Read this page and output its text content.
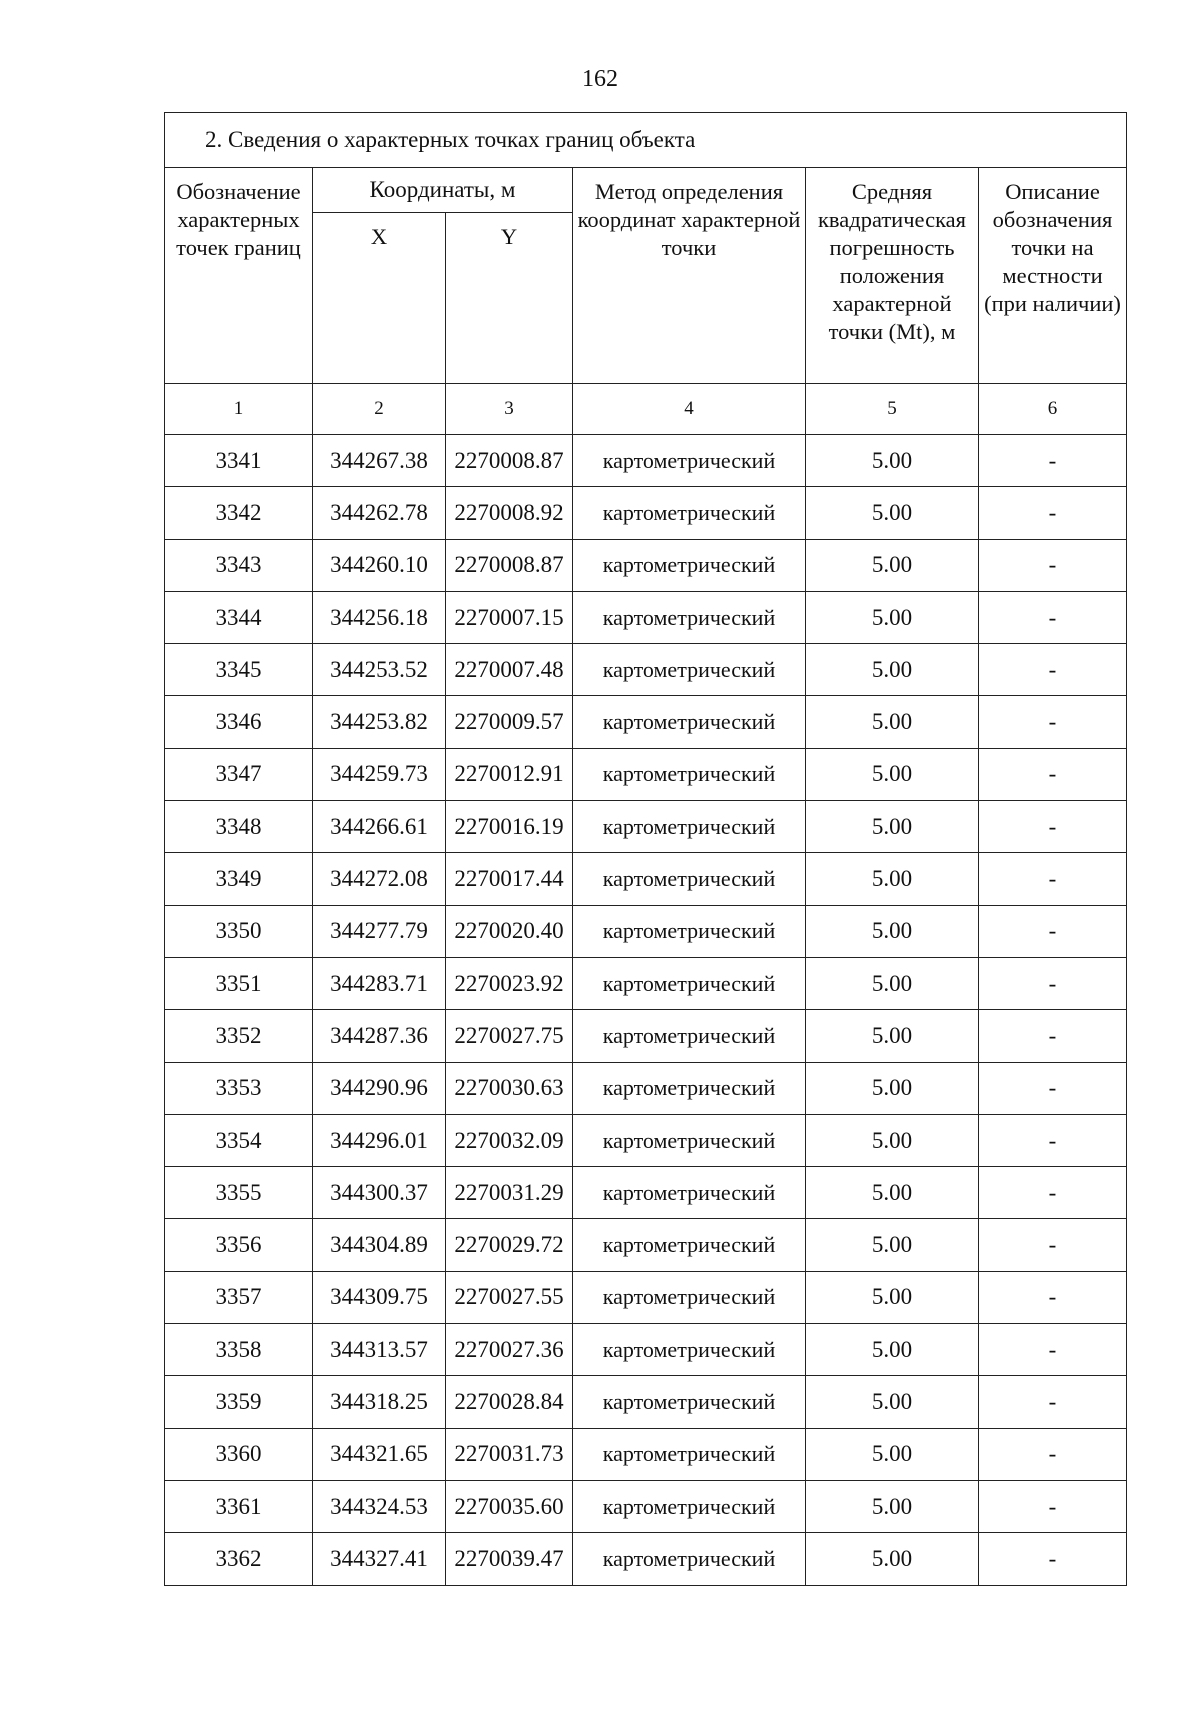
162
2. Сведения о характерных точках границ объекта					
Обозначение характерных точек границ	Координаты, м		Метод определения координат характерной точки	Средняя квадратическая погрешность положения характерной точки (Mt), м	Описание обозначения точки на местности (при наличии)
	X	Y			
1	2	3	4	5	6
3341	344267.38	2270008.87	картометрический	5.00	-
3342	344262.78	2270008.92	картометрический	5.00	-
3343	344260.10	2270008.87	картометрический	5.00	-
3344	344256.18	2270007.15	картометрический	5.00	-
3345	344253.52	2270007.48	картометрический	5.00	-
3346	344253.82	2270009.57	картометрический	5.00	-
3347	344259.73	2270012.91	картометрический	5.00	-
3348	344266.61	2270016.19	картометрический	5.00	-
3349	344272.08	2270017.44	картометрический	5.00	-
3350	344277.79	2270020.40	картометрический	5.00	-
3351	344283.71	2270023.92	картометрический	5.00	-
3352	344287.36	2270027.75	картометрический	5.00	-
3353	344290.96	2270030.63	картометрический	5.00	-
3354	344296.01	2270032.09	картометрический	5.00	-
3355	344300.37	2270031.29	картометрический	5.00	-
3356	344304.89	2270029.72	картометрический	5.00	-
3357	344309.75	2270027.55	картометрический	5.00	-
3358	344313.57	2270027.36	картометрический	5.00	-
3359	344318.25	2270028.84	картометрический	5.00	-
3360	344321.65	2270031.73	картометрический	5.00	-
3361	344324.53	2270035.60	картометрический	5.00	-
3362	344327.41	2270039.47	картометрический	5.00	-
